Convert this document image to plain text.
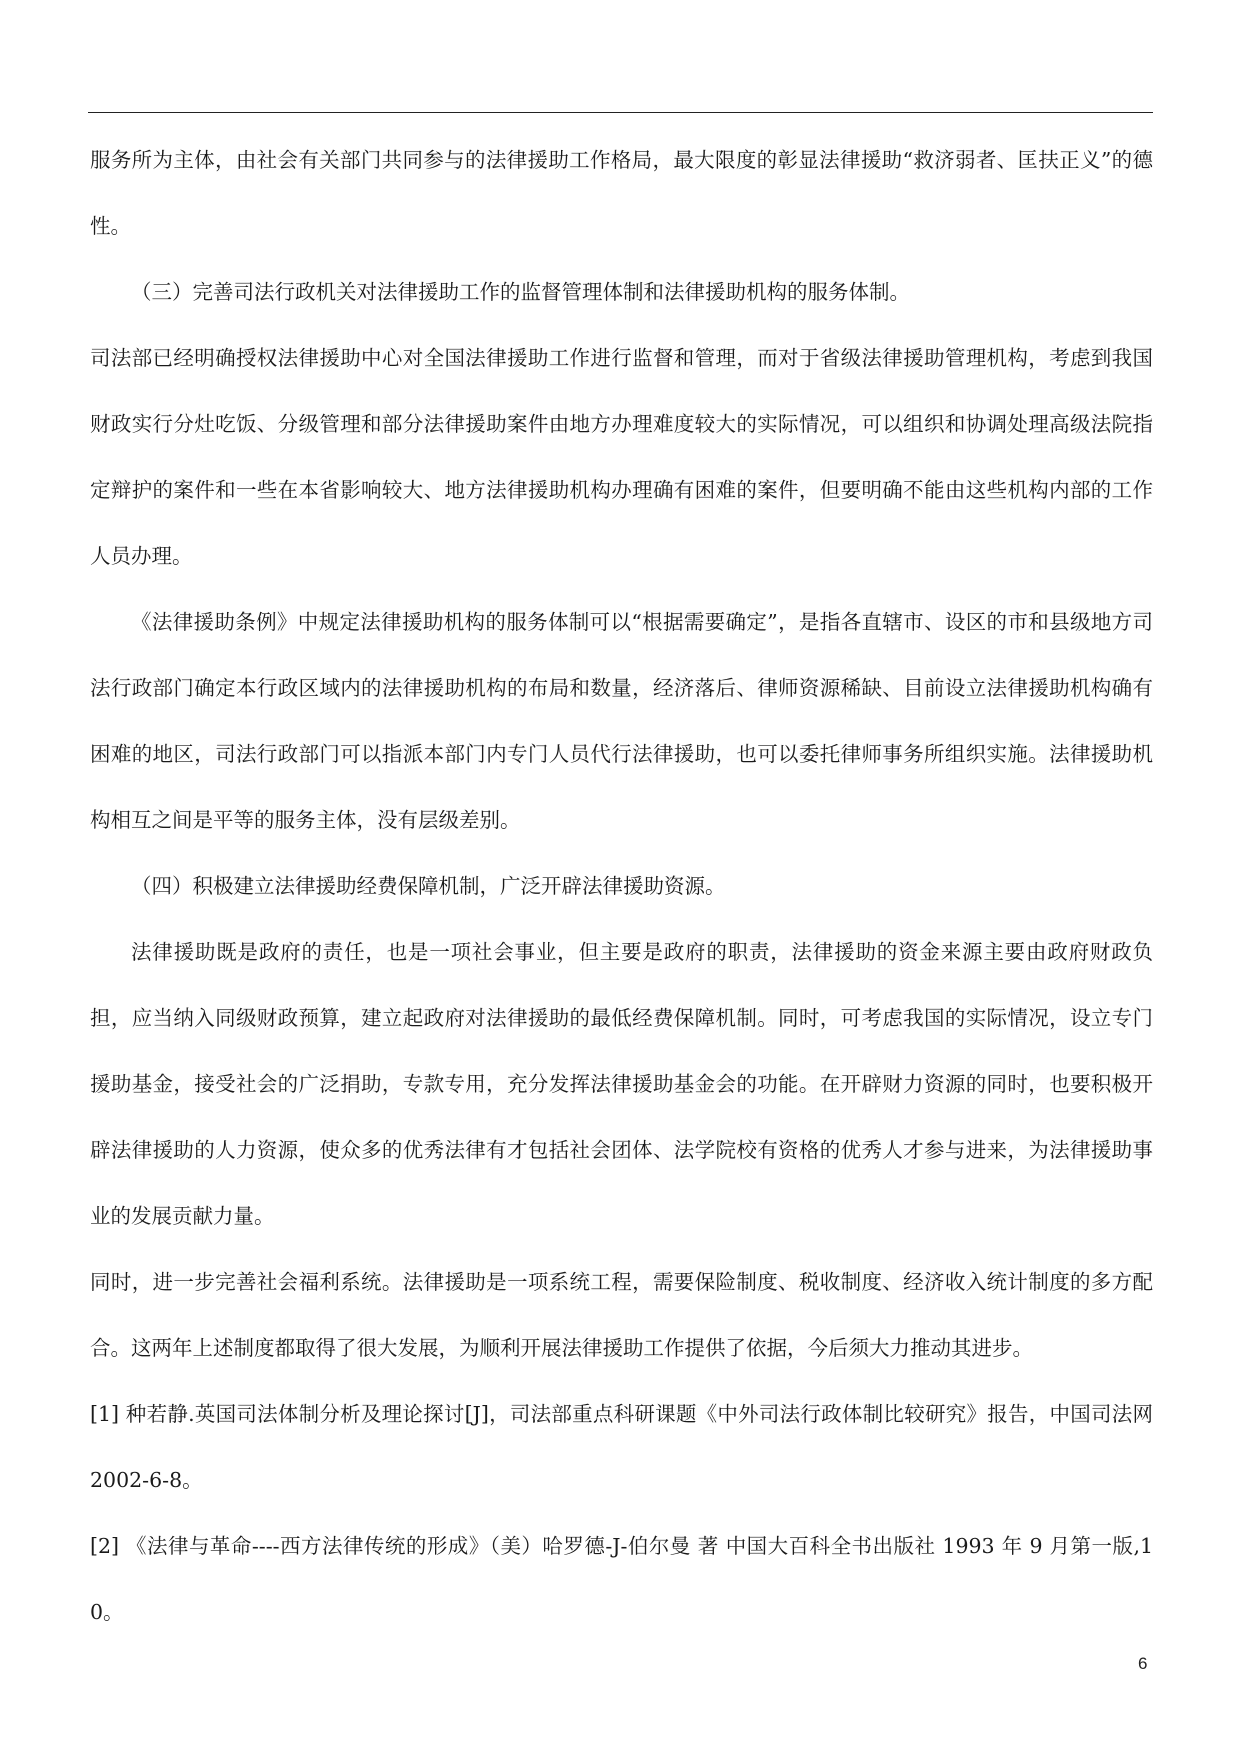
服务所为主体，由社会有关部门共同参与的法律援助工作格局，最大限度的彰显法律援助“救济弱者、匡扶正义”的德性。

（三）完善司法行政机关对法律援助工作的监督管理体制和法律援助机构的服务体制。

司法部已经明确授权法律援助中心对全国法律援助工作进行监督和管理，而对于省级法律援助管理机构，考虑到我国财政实行分灶吃饭、分级管理和部分法律援助案件由地方办理难度较大的实际情况，可以组织和协调处理高级法院指定辩护的案件和一些在本省影响较大、地方法律援助机构办理确有困难的案件，但要明确不能由这些机构内部的工作人员办理。

《法律援助条例》中规定法律援助机构的服务体制可以“根据需要确定”，是指各直辖市、设区的市和县级地方司法行政部门确定本行政区域内的法律援助机构的布局和数量，经济落后、律师资源稀缺、目前设立法律援助机构确有困难的地区，司法行政部门可以指派本部门内专门人员代行法律援助，也可以委托律师事务所组织实施。法律援助机构相互之间是平等的服务主体，没有层级差别。

（四）积极建立法律援助经费保障机制，广泛开辟法律援助资源。

法律援助既是政府的责任，也是一项社会事业，但主要是政府的职责，法律援助的资金来源主要由政府财政负担，应当纳入同级财政预算，建立起政府对法律援助的最低经费保障机制。同时，可考虑我国的实际情况，设立专门援助基金，接受社会的广泛捐助，专款专用，充分发挥法律援助基金会的功能。在开辟财力资源的同时，也要积极开辟法律援助的人力资源，使众多的优秀法律有才包括社会团体、法学院校有资格的优秀人才参与进来，为法律援助事业的发展贡献力量。

同时，进一步完善社会福利系统。法律援助是一项系统工程，需要保险制度、税收制度、经济收入统计制度的多方配合。这两年上述制度都取得了很大发展，为顺利开展法律援助工作提供了依据，今后须大力推动其进步。

[1] 种若静.英国司法体制分析及理论探讨[J]，司法部重点科研课题《中外司法行政体制比较研究》报告，中国司法网 2002-6-8。

[2] 《法律与革命----西方法律传统的形成》（美）哈罗德-J-伯尔曼 著 中国大百科全书出版社 1993 年 9 月第一版,10。

6
